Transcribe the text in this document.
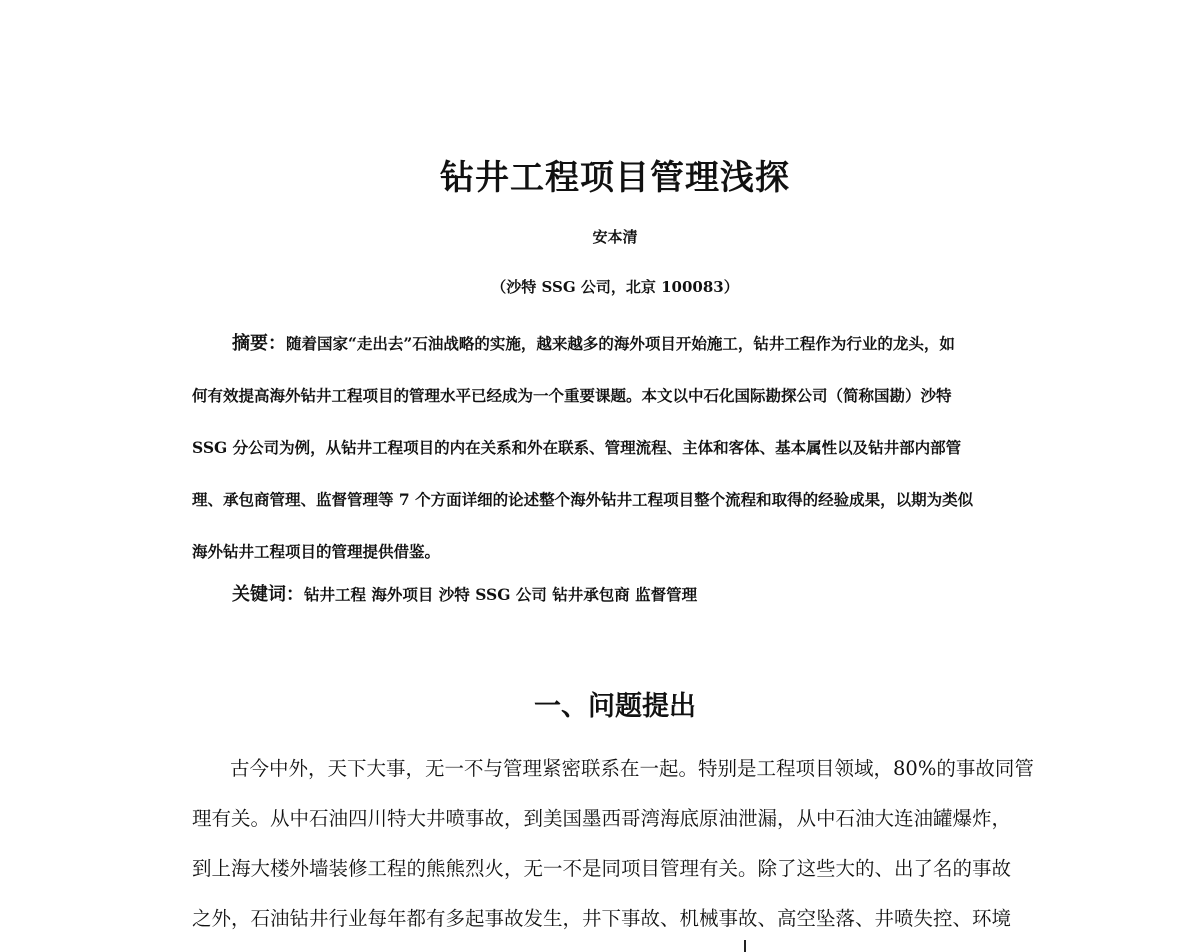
钻井工程项目管理浅探
安本清
（沙特 SSG 公司，北京 100083）
摘要：随着国家“走出去”石油战略的实施，越来越多的海外项目开始施工，钻井工程作为行业的龙头，如
何有效提高海外钻井工程项目的管理水平已经成为一个重要课题。本文以中石化国际勘探公司（简称国勘）沙特
SSG 分公司为例，从钻井工程项目的内在关系和外在联系、管理流程、主体和客体、基本属性以及钻井部内部管
理、承包商管理、监督管理等 7 个方面详细的论述整个海外钻井工程项目整个流程和取得的经验成果，以期为类似
海外钻井工程项目的管理提供借鉴。
关键词：钻井工程 海外项目 沙特 SSG 公司 钻井承包商 监督管理
一、问题提出
古今中外，天下大事，无一不与管理紧密联系在一起。特别是工程项目领域，80%的事故同管
理有关。从中石油四川特大井喷事故，到美国墨西哥湾海底原油泄漏，从中石油大连油罐爆炸，
到上海大楼外墙装修工程的熊熊烈火，无一不是同项目管理有关。除了这些大的、出了名的事故
之外，石油钻井行业每年都有多起事故发生，井下事故、机械事故、高空坠落、井喷失控、环境
